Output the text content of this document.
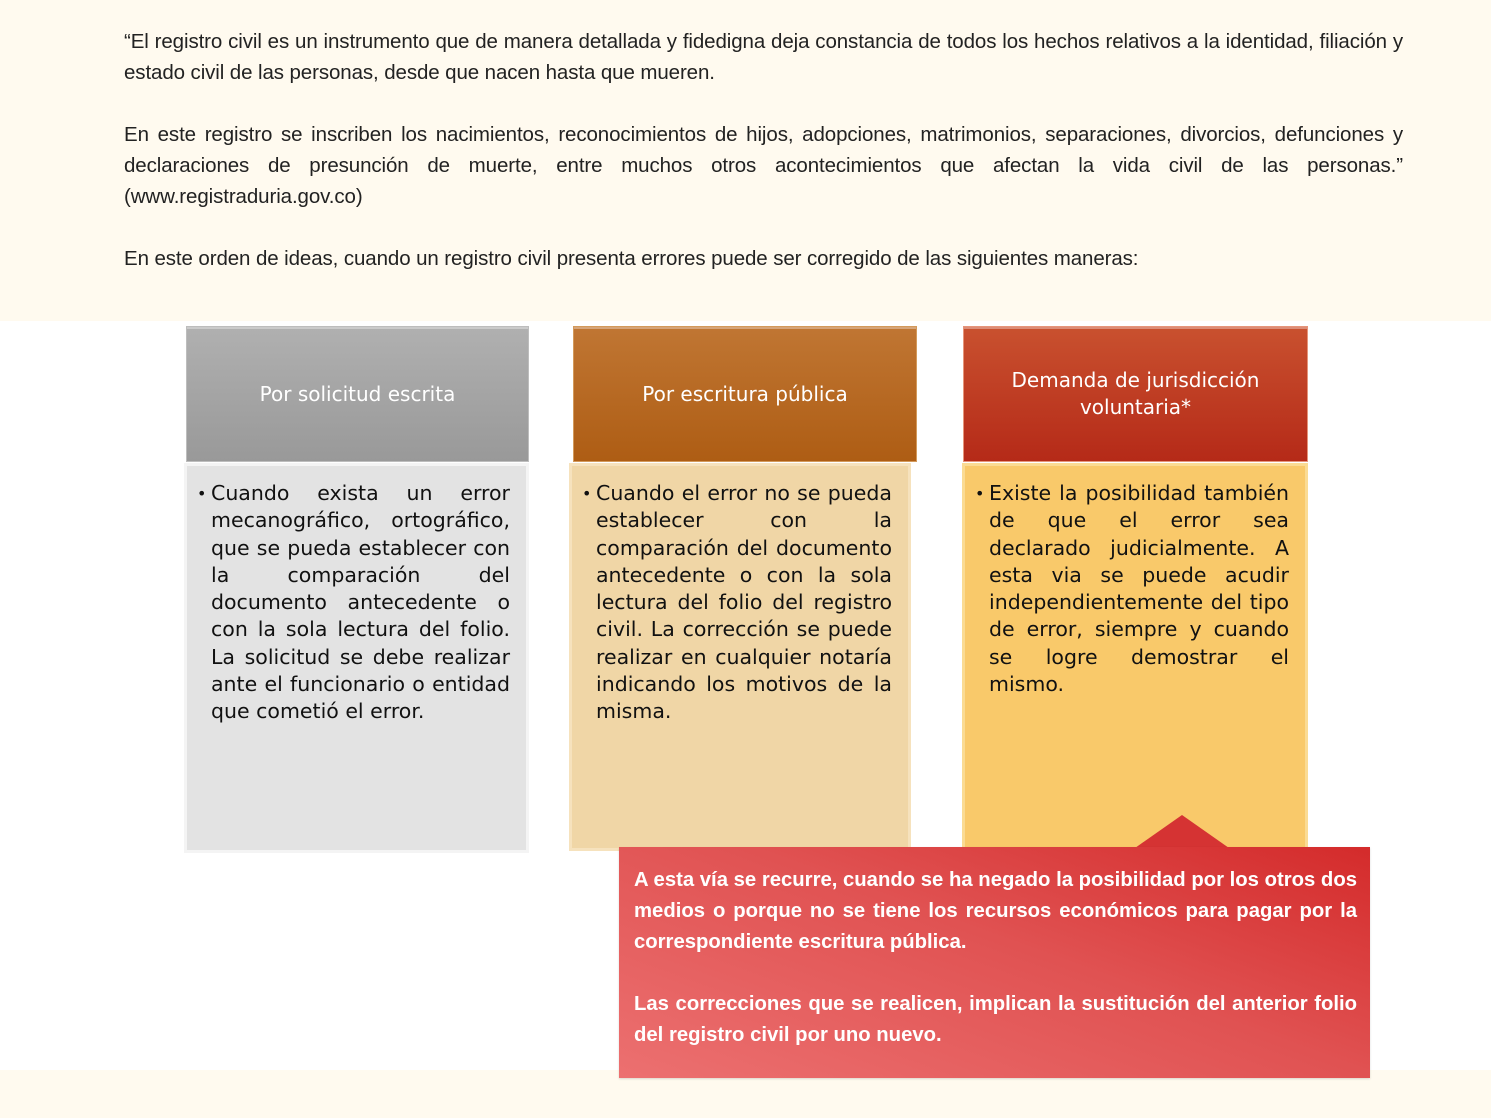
“El registro civil es un instrumento que de manera detallada y fidedigna deja constancia de todos los hechos relativos a la identidad, filiación y estado civil de las personas, desde que nacen hasta que mueren.

En este registro se inscriben los nacimientos, reconocimientos de hijos, adopciones, matrimonios, separaciones, divorcios, defunciones y declaraciones de presunción de muerte, entre muchos otros acontecimientos que afectan la vida civil de las personas.” (www.registraduria.gov.co)

En este orden de ideas, cuando un registro civil presenta errores puede ser corregido de las siguientes maneras:

Por solicitud escrita
• Cuando exista un error mecanográfico, ortográfico, que se pueda establecer con la comparación del documento antecedente o con la sola lectura del folio. La solicitud se debe realizar ante el funcionario o entidad que cometió el error.
Por escritura pública
• Cuando el error no se pueda establecer con la comparación del documento antecedente o con la sola lectura del folio del registro civil. La corrección se puede realizar en cualquier notaría indicando los motivos de la misma.
Demanda de jurisdicción voluntaria*
• Existe la posibilidad también de que el error sea declarado judicialmente. A esta via se puede acudir independientemente del tipo de error, siempre y cuando se logre demostrar el mismo.

A esta vía se recurre, cuando se ha negado la posibilidad por los otros dos medios o porque no se tiene los recursos económicos para pagar por la correspondiente escritura pública.

Las correcciones que se realicen, implican la sustitución del anterior folio del registro civil por uno nuevo.
